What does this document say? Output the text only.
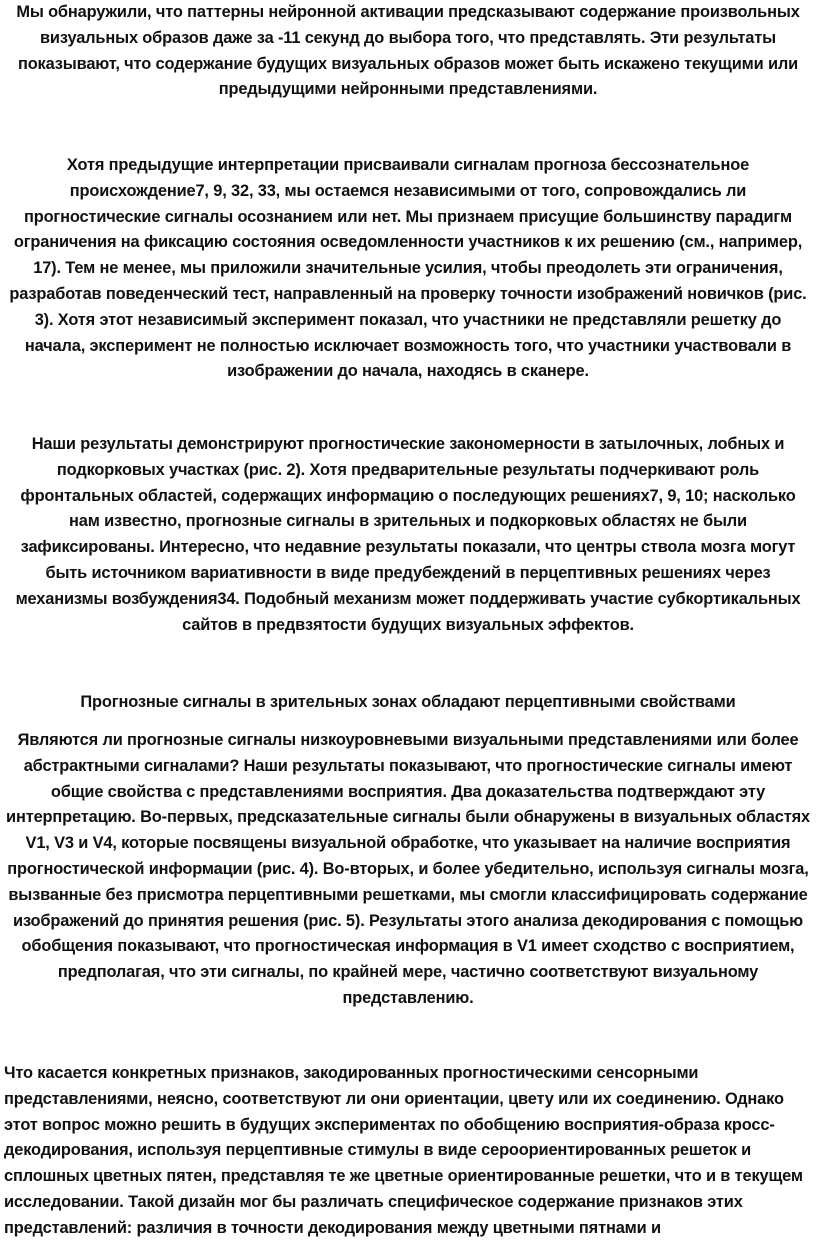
Мы обнаружили, что паттерны нейронной активации предсказывают содержание произвольных визуальных образов даже за -11 секунд до выбора того, что представлять. Эти результаты показывают, что содержание будущих визуальных образов может быть искажено текущими или предыдущими нейронными представлениями.

Хотя предыдущие интерпретации присваивали сигналам прогноза бессознательное происхождение7, 9, 32, 33, мы остаемся независимыми от того, сопровождались ли прогностические сигналы осознанием или нет. Мы признаем присущие большинству парадигм ограничения на фиксацию состояния осведомленности участников к их решению (см., например, 17). Тем не менее, мы приложили значительные усилия, чтобы преодолеть эти ограничения, разработав поведенческий тест, направленный на проверку точности изображений новичков (рис. 3). Хотя этот независимый эксперимент показал, что участники не представляли решетку до начала, эксперимент не полностью исключает возможность того, что участники участвовали в изображении до начала, находясь в сканере.

Наши результаты демонстрируют прогностические закономерности в затылочных, лобных и подкорковых участках (рис. 2). Хотя предварительные результаты подчеркивают роль фронтальных областей, содержащих информацию о последующих решениях7, 9, 10; насколько нам известно, прогнозные сигналы в зрительных и подкорковых областях не были зафиксированы. Интересно, что недавние результаты показали, что центры ствола мозга могут быть источником вариативности в виде предубеждений в перцептивных решениях через механизмы возбуждения34. Подобный механизм может поддерживать участие субкортикальных сайтов в предвзятости будущих визуальных эффектов.

Прогнозные сигналы в зрительных зонах обладают перцептивными свойствами

Являются ли прогнозные сигналы низкоуровневыми визуальными представлениями или более абстрактными сигналами? Наши результаты показывают, что прогностические сигналы имеют общие свойства с представлениями восприятия. Два доказательства подтверждают эту интерпретацию. Во-первых, предсказательные сигналы были обнаружены в визуальных областях V1, V3 и V4, которые посвящены визуальной обработке, что указывает на наличие восприятия прогностической информации (рис. 4). Во-вторых, и более убедительно, используя сигналы мозга, вызванные без присмотра перцептивными решетками, мы смогли классифицировать содержание изображений до принятия решения (рис. 5). Результаты этого анализа декодирования с помощью обобщения показывают, что прогностическая информация в V1 имеет сходство с восприятием, предполагая, что эти сигналы, по крайней мере, частично соответствуют визуальному представлению.

Что касается конкретных признаков, закодированных прогностическими сенсорными представлениями, неясно, соответствуют ли они ориентации, цвету или их соединению. Однако этот вопрос можно решить в будущих экспериментах по обобщению восприятия-образа кросс-декодирования, используя перцептивные стимулы в виде сероориентированных решеток и сплошных цветных пятен, представляя те же цветные ориентированные решетки, что и в текущем исследовании. Такой дизайн мог бы различать специфическое содержание признаков этих представлений: различия в точности декодирования между цветными пятнами и
